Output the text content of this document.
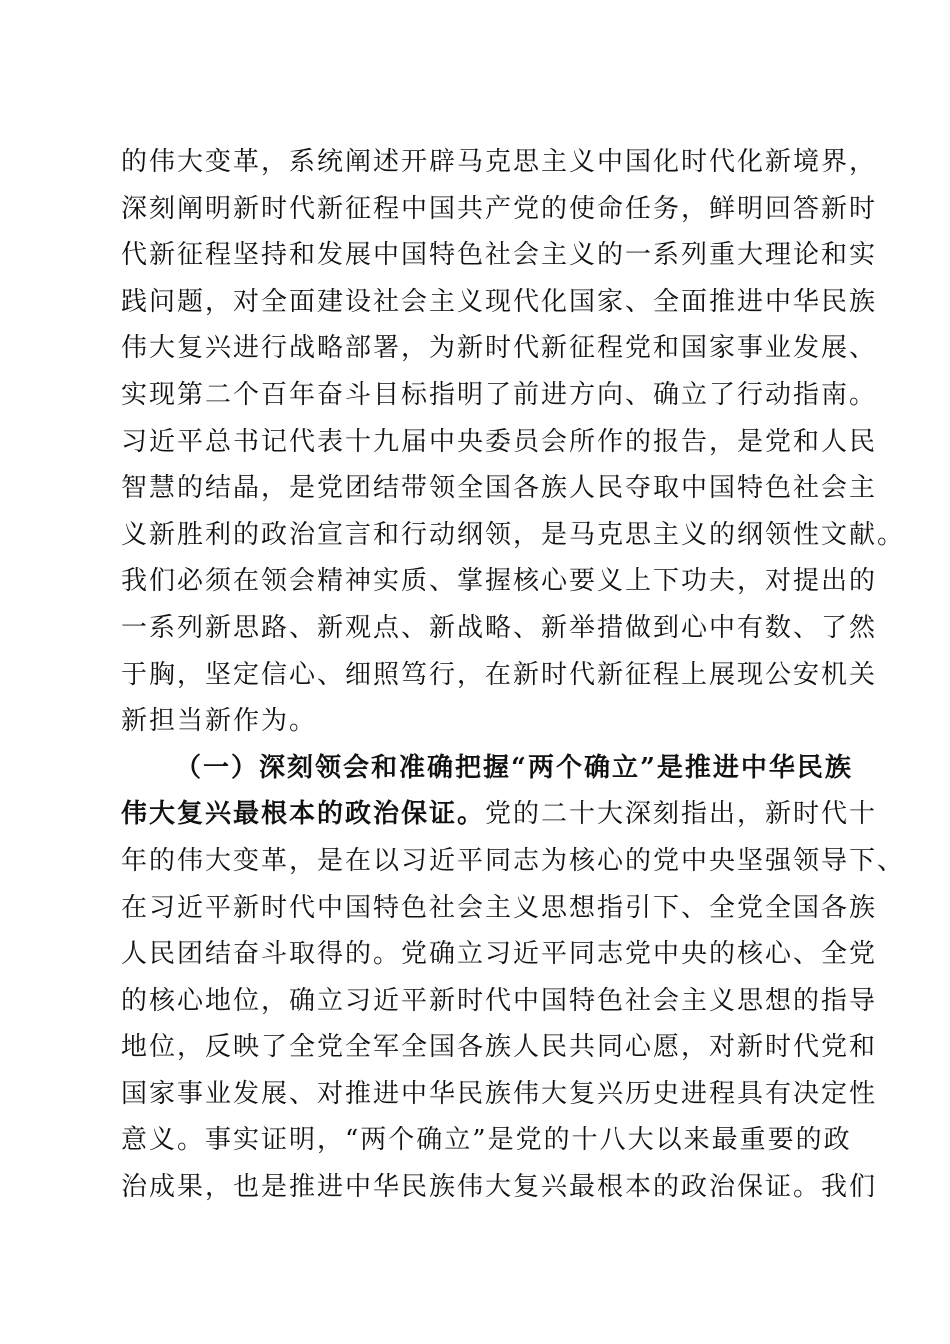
的伟大变革，系统阐述开辟马克思主义中国化时代化新境界，
深刻阐明新时代新征程中国共产党的使命任务，鲜明回答新时
代新征程坚持和发展中国特色社会主义的一系列重大理论和实
践问题，对全面建设社会主义现代化国家、全面推进中华民族
伟大复兴进行战略部署，为新时代新征程党和国家事业发展、
实现第二个百年奋斗目标指明了前进方向、确立了行动指南。
习近平总书记代表十九届中央委员会所作的报告，是党和人民
智慧的结晶，是党团结带领全国各族人民夺取中国特色社会主
义新胜利的政治宣言和行动纲领，是马克思主义的纲领性文献。
我们必须在领会精神实质、掌握核心要义上下功夫，对提出的
一系列新思路、新观点、新战略、新举措做到心中有数、了然
于胸，坚定信心、细照笃行，在新时代新征程上展现公安机关
新担当新作为。
（一）深刻领会和准确把握“两个确立”是推进中华民族
伟大复兴最根本的政治保证。党的二十大深刻指出，新时代十
年的伟大变革，是在以习近平同志为核心的党中央坚强领导下、
在习近平新时代中国特色社会主义思想指引下、全党全国各族
人民团结奋斗取得的。党确立习近平同志党中央的核心、全党
的核心地位，确立习近平新时代中国特色社会主义思想的指导
地位，反映了全党全军全国各族人民共同心愿，对新时代党和
国家事业发展、对推进中华民族伟大复兴历史进程具有决定性
意义。事实证明，“两个确立”是党的十八大以来最重要的政
治成果，也是推进中华民族伟大复兴最根本的政治保证。我们
